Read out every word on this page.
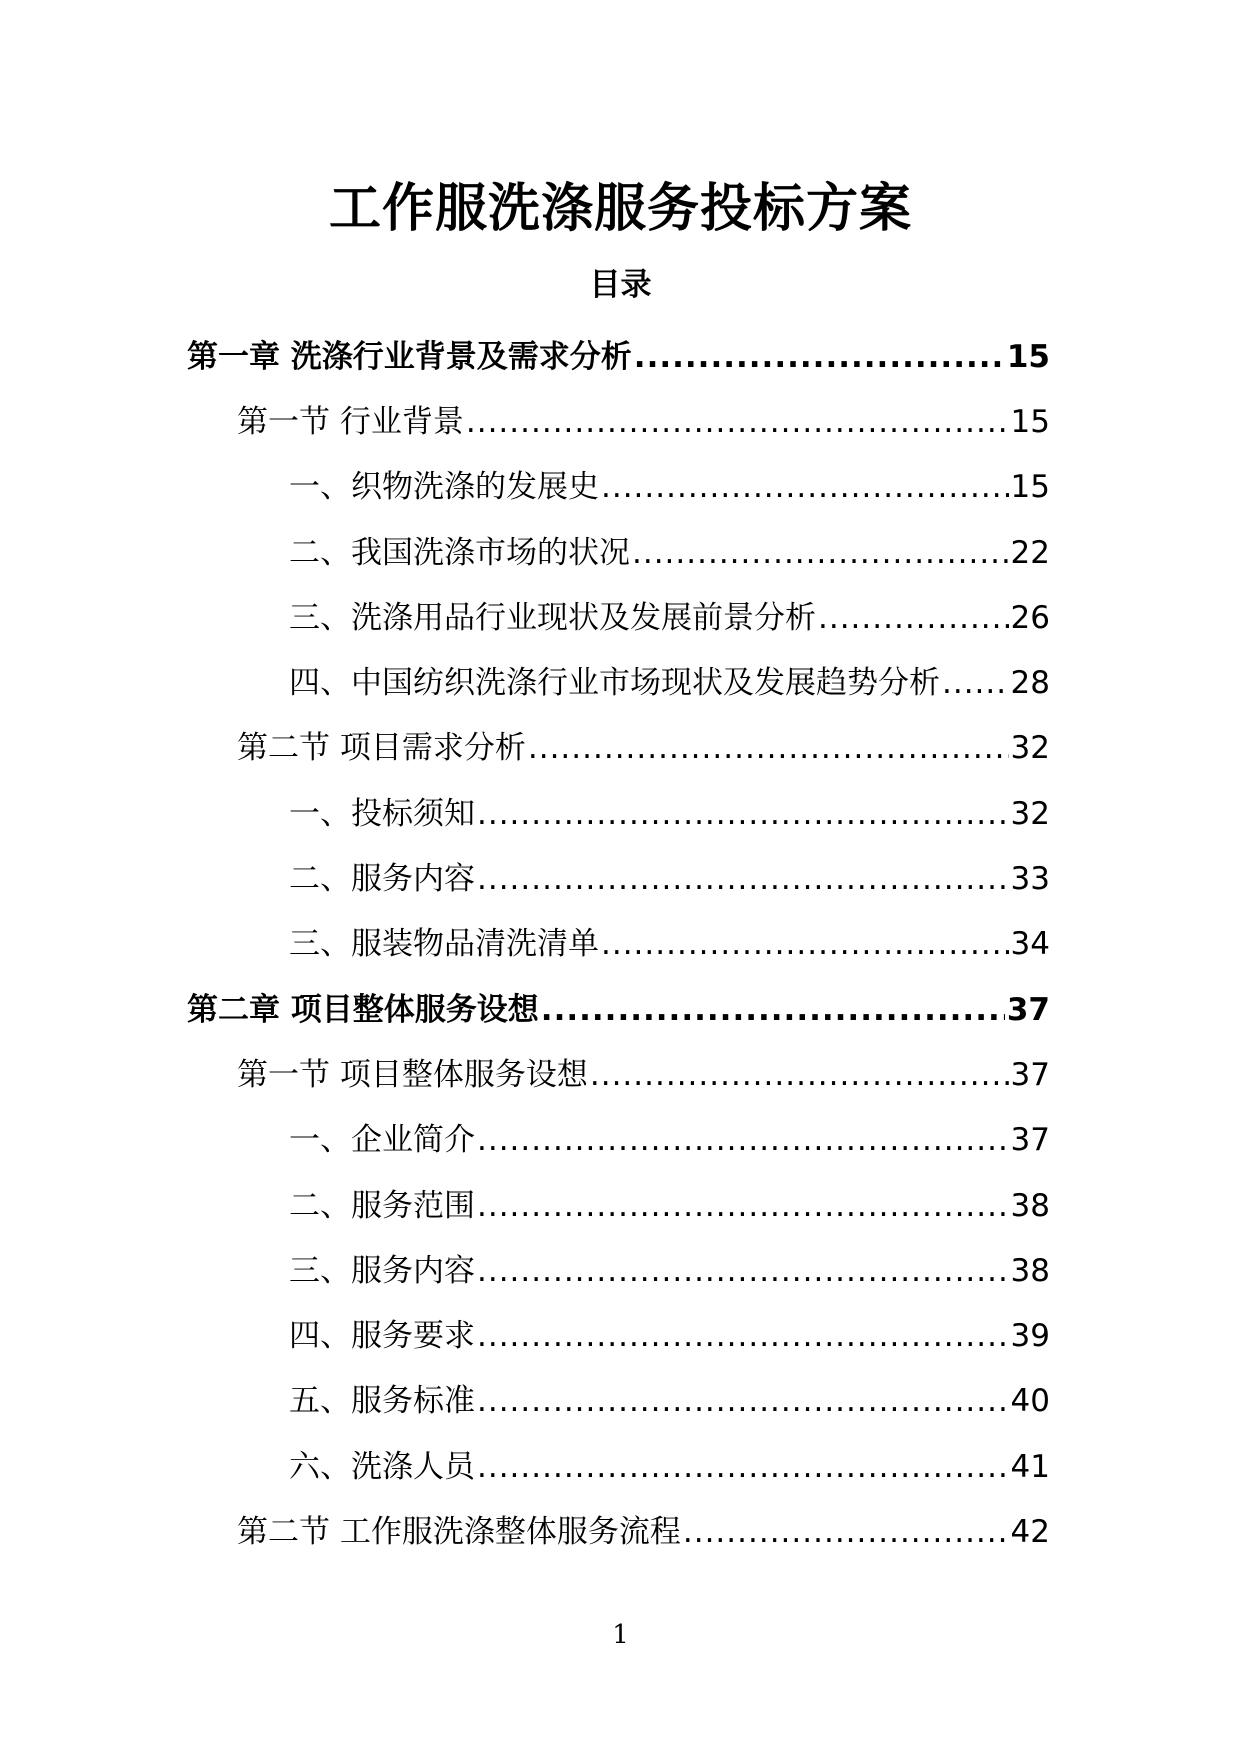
工作服洗涤服务投标方案
目录
第一章 洗涤行业背景及需求分析 .....	15
第一节 行业背景 .....	15
一、织物洗涤的发展史 .....	15
二、我国洗涤市场的状况 .....	22
三、洗涤用品行业现状及发展前景分析 .....	26
四、中国纺织洗涤行业市场现状及发展趋势分析 ..... 28
第二节 项目需求分析 .....	32
一、投标须知 .....	32
二、服务内容 .....	33
三、服装物品清洗清单 .....	34
第二章 项目整体服务设想 .....	37
第一节 项目整体服务设想 .....	37
一、企业简介 .....	37
二、服务范围 .....	38
三、服务内容 .....	38
四、服务要求 .....	39
五、服务标准 .....	40
六、洗涤人员 .....	41
第二节 工作服洗涤整体服务流程 .....	42
1
